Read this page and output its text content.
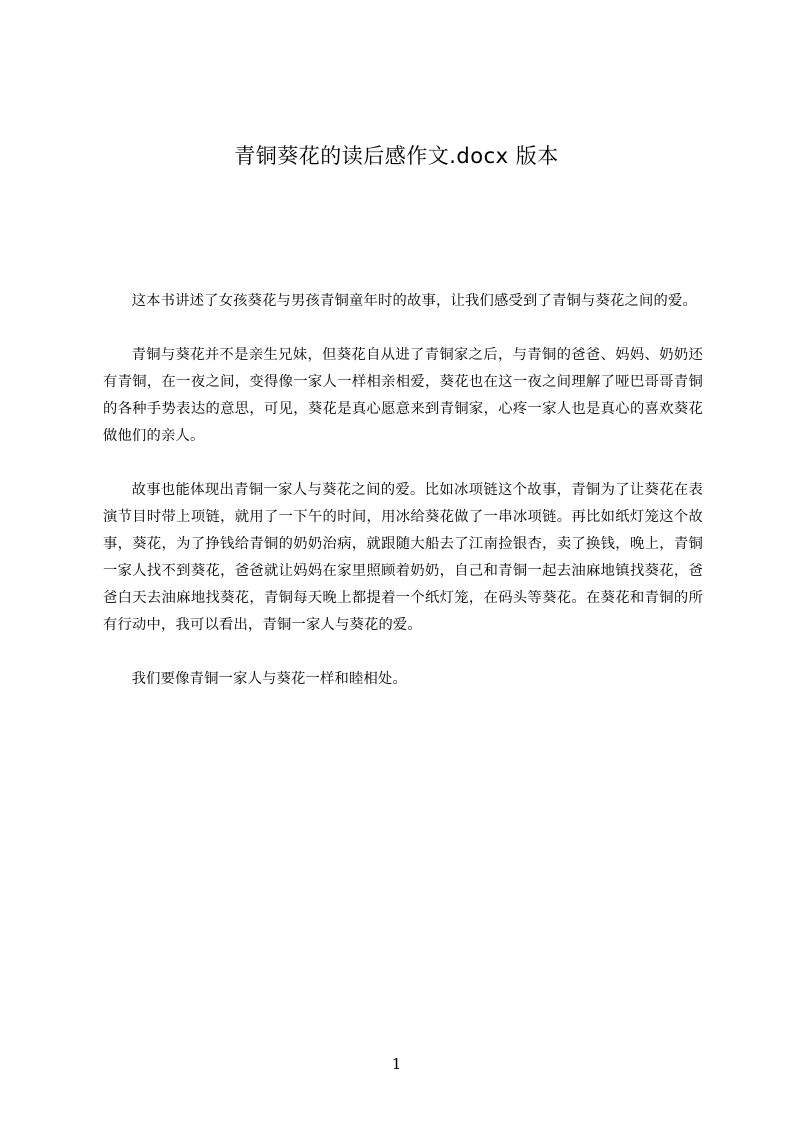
青铜葵花的读后感作文.docx 版本

这本书讲述了女孩葵花与男孩青铜童年时的故事，让我们感受到了青铜与葵花之间的爱。

青铜与葵花并不是亲生兄妹，但葵花自从进了青铜家之后，与青铜的爸爸、妈妈、奶奶还有青铜，在一夜之间，变得像一家人一样相亲相爱，葵花也在这一夜之间理解了哑巴哥哥青铜的各种手势表达的意思，可见，葵花是真心愿意来到青铜家，心疼一家人也是真心的喜欢葵花做他们的亲人。

故事也能体现出青铜一家人与葵花之间的爱。比如冰项链这个故事，青铜为了让葵花在表演节目时带上项链，就用了一下午的时间，用冰给葵花做了一串冰项链。再比如纸灯笼这个故事，葵花，为了挣钱给青铜的奶奶治病，就跟随大船去了江南捡银杏，卖了换钱，晚上，青铜一家人找不到葵花，爸爸就让妈妈在家里照顾着奶奶，自己和青铜一起去油麻地镇找葵花，爸爸白天去油麻地找葵花，青铜每天晚上都提着一个纸灯笼，在码头等葵花。在葵花和青铜的所有行动中，我可以看出，青铜一家人与葵花的爱。

我们要像青铜一家人与葵花一样和睦相处。

1
